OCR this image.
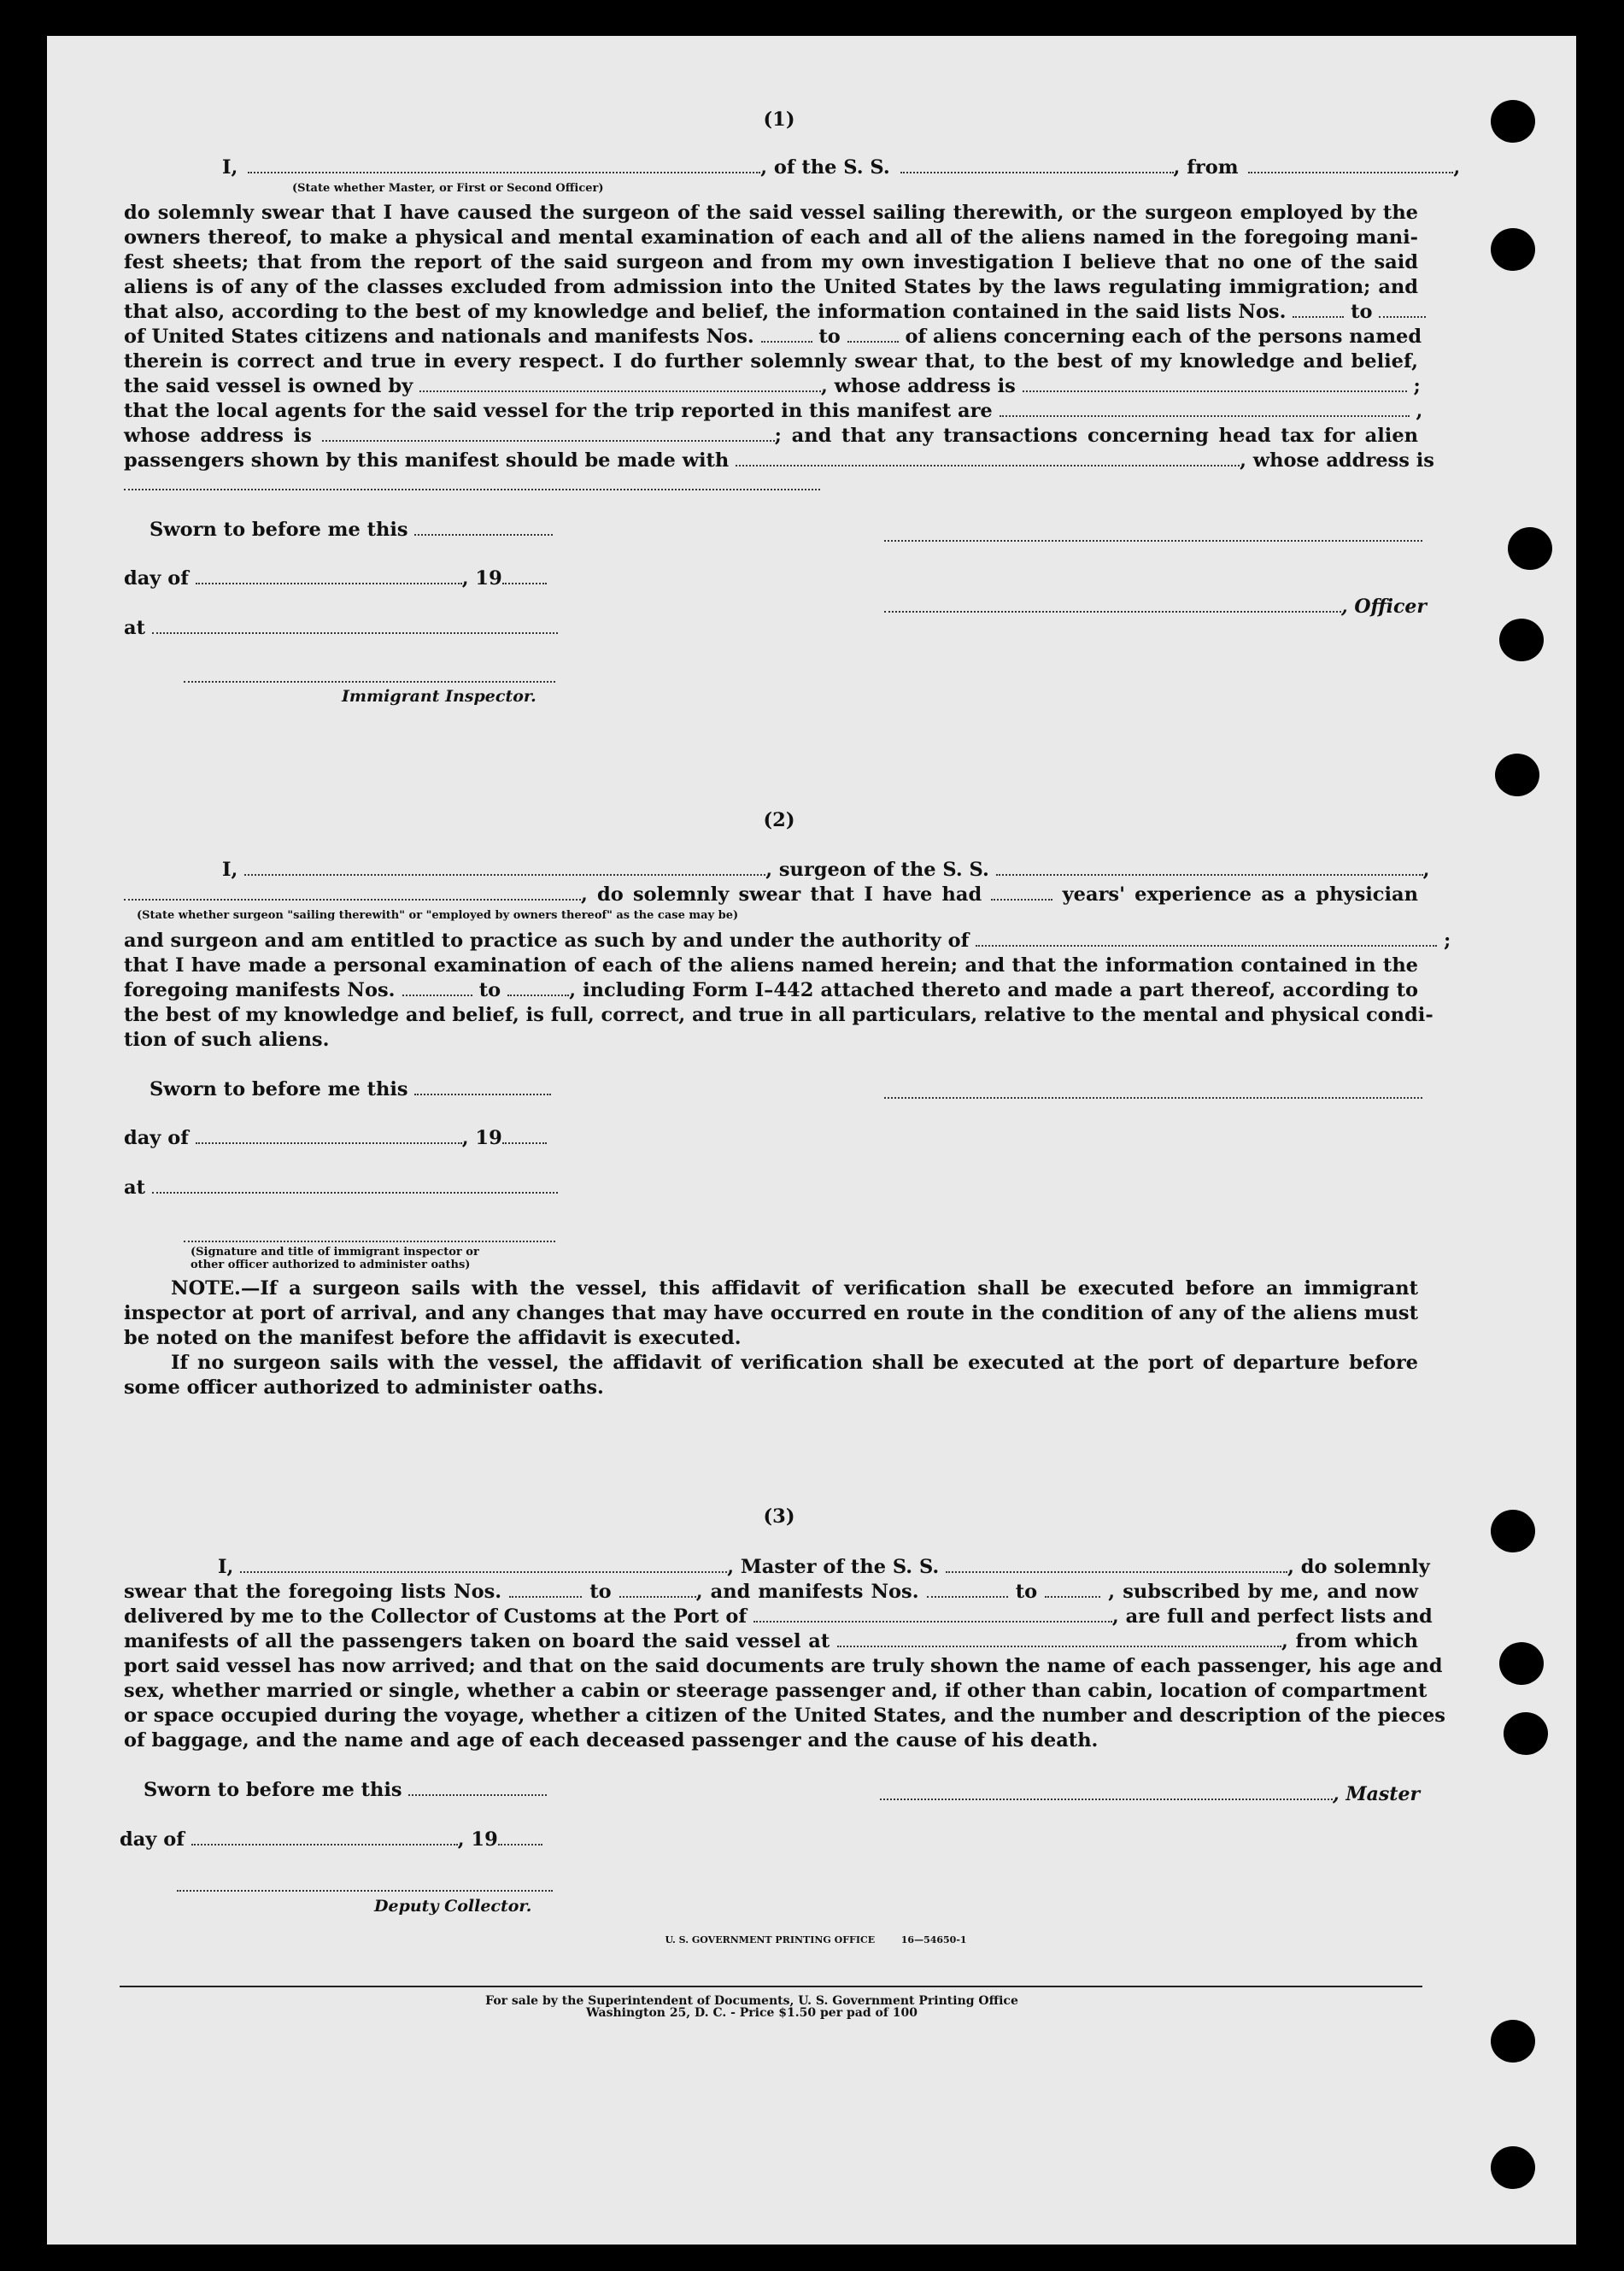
(1)
I,	, of the S. S.	, from	,
(State whether Master, or First or Second Officer)
do solemnly swear that I have caused the surgeon of the said vessel sailing therewith, or the surgeon employed by the
owners thereof, to make a physical and mental examination of each and all of the aliens named in the foregoing mani-
fest sheets; that from the report of the said surgeon and from my own investigation I believe that no one of the said
aliens is of any of the classes excluded from admission into the United States by the laws regulating immigration; and
that also, according to the best of my knowledge and belief, the information contained in the said lists Nos.	to
of United States citizens and nationals and manifests Nos.	to	of aliens concerning each of the persons named
therein is correct and true in every respect. I do further solemnly swear that, to the best of my knowledge and belief,
the said vessel is owned by	, whose address is	;
that the local agents for the said vessel for the trip reported in this manifest are	,
whose address is	; and that any transactions concerning head tax for alien
passengers shown by this manifest should be made with	, whose address is
Sworn to before me this
day of	, 19
at
Immigrant Inspector.
, Officer
(2)
I,	, surgeon of the S. S.	,
, do solemnly swear that I have had	years' experience as a physician
(State whether surgeon "sailing therewith" or "employed by owners thereof" as the case may be)
and surgeon and am entitled to practice as such by and under the authority of	;
that I have made a personal examination of each of the aliens named herein; and that the information contained in the
foregoing manifests Nos.	to	, including Form I–442 attached thereto and made a part thereof, according to
the best of my knowledge and belief, is full, correct, and true in all particulars, relative to the mental and physical condi-
tion of such aliens.
Sworn to before me this
day of	, 19
at
(Signature and title of immigrant inspector or
other officer authorized to administer oaths)
NOTE.—If a surgeon sails with the vessel, this affidavit of verification shall be executed before an immigrant
inspector at port of arrival, and any changes that may have occurred en route in the condition of any of the aliens must
be noted on the manifest before the affidavit is executed.
If no surgeon sails with the vessel, the affidavit of verification shall be executed at the port of departure before
some officer authorized to administer oaths.
(3)
I,	, Master of the S. S.	, do solemnly
swear that the foregoing lists Nos.	to	, and manifests Nos.	to	, subscribed by me, and now
delivered by me to the Collector of Customs at the Port of	, are full and perfect lists and
manifests of all the passengers taken on board the said vessel at	, from which
port said vessel has now arrived; and that on the said documents are truly shown the name of each passenger, his age and
sex, whether married or single, whether a cabin or steerage passenger and, if other than cabin, location of compartment
or space occupied during the voyage, whether a citizen of the United States, and the number and description of the pieces
of baggage, and the name and age of each deceased passenger and the cause of his death.
Sworn to before me this	, Master
day of	, 19
Deputy Collector.
U. S. GOVERNMENT PRINTING OFFICE        16—54650-1
For sale by the Superintendent of Documents, U. S. Government Printing Office
Washington 25, D. C. - Price $1.50 per pad of 100
